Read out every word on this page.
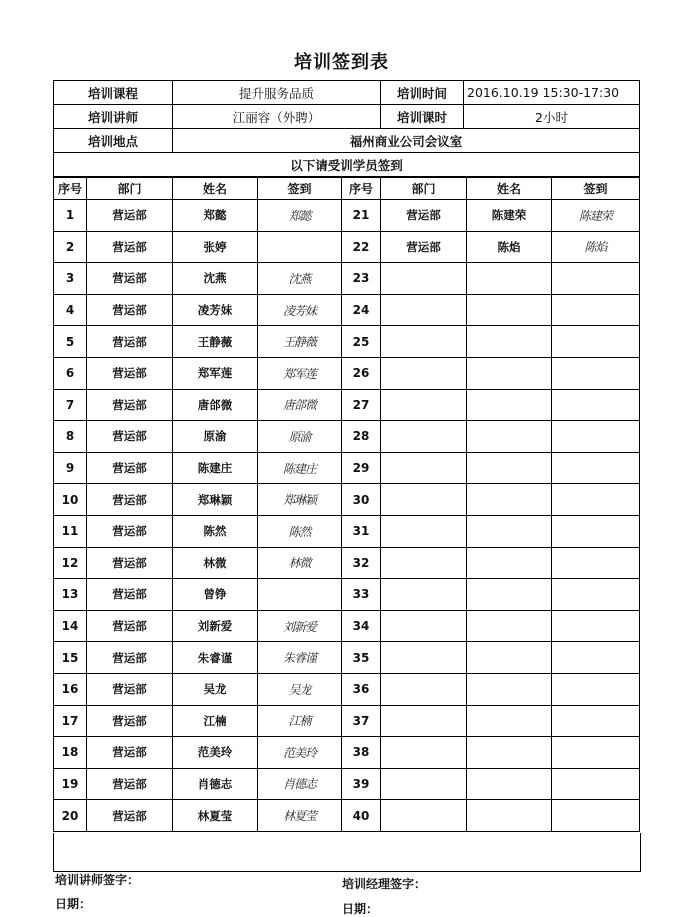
培训签到表
培训课程	提升服务品质	培训时间	2016.10.19 15:30-17:30
培训讲师	江丽容（外聘）	培训课时	2小时
培训地点	福州商业公司会议室		
以下请受训学员签到			
序号	部门	姓名	签到	序号	部门	姓名	签到
1	营运部	郑懿	郑懿	21	营运部	陈建荣	陈建荣
2	营运部	张婷		22	营运部	陈焰	陈焰
3	营运部	沈燕	沈燕	23			
4	营运部	凌芳妹	凌芳妹	24			
5	营运部	王静薇	王静薇	25			
6	营运部	郑军莲	郑军莲	26			
7	营运部	唐郃微	唐郃微	27			
8	营运部	原渝	原渝	28			
9	营运部	陈建庄	陈建庄	29			
10	营运部	郑琳颖	郑琳颖	30			
11	营运部	陈然	陈然	31			
12	营运部	林微	林微	32			
13	营运部	曾铮		33			
14	营运部	刘新爱	刘新爱	34			
15	营运部	朱睿谨	朱睿谨	35			
16	营运部	吴龙	吴龙	36			
17	营运部	江楠	江楠	37			
18	营运部	范美玲	范美玲	38			
19	营运部	肖德志	肖德志	39			
20	营运部	林夏莹	林夏莹	40			
培训讲师签字：	培训经理签字：
日期：	日期：
